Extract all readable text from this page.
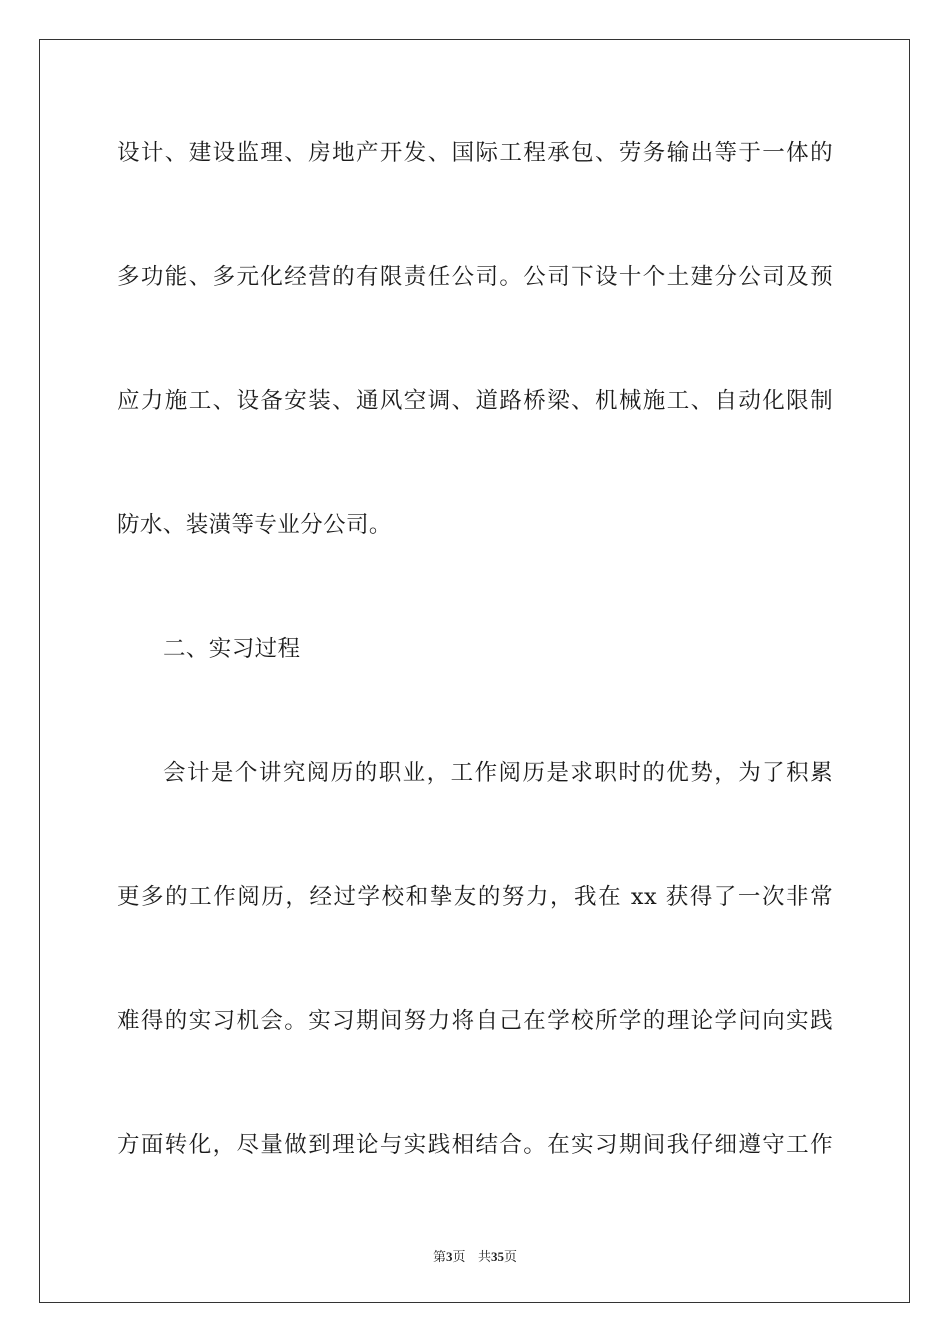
设计、建设监理、房地产开发、国际工程承包、劳务输出等于一体的
多功能、多元化经营的有限责任公司。公司下设十个土建分公司及预
应力施工、设备安装、通风空调、道路桥梁、机械施工、自动化限制
防水、装潢等专业分公司。
二、实习过程
会计是个讲究阅历的职业，工作阅历是求职时的优势，为了积累
更多的工作阅历，经过学校和挚友的努力，我在 xx 获得了一次非常
难得的实习机会。实习期间努力将自己在学校所学的理论学问向实践
方面转化，尽量做到理论与实践相结合。在实习期间我仔细遵守工作
第3页 共35页
